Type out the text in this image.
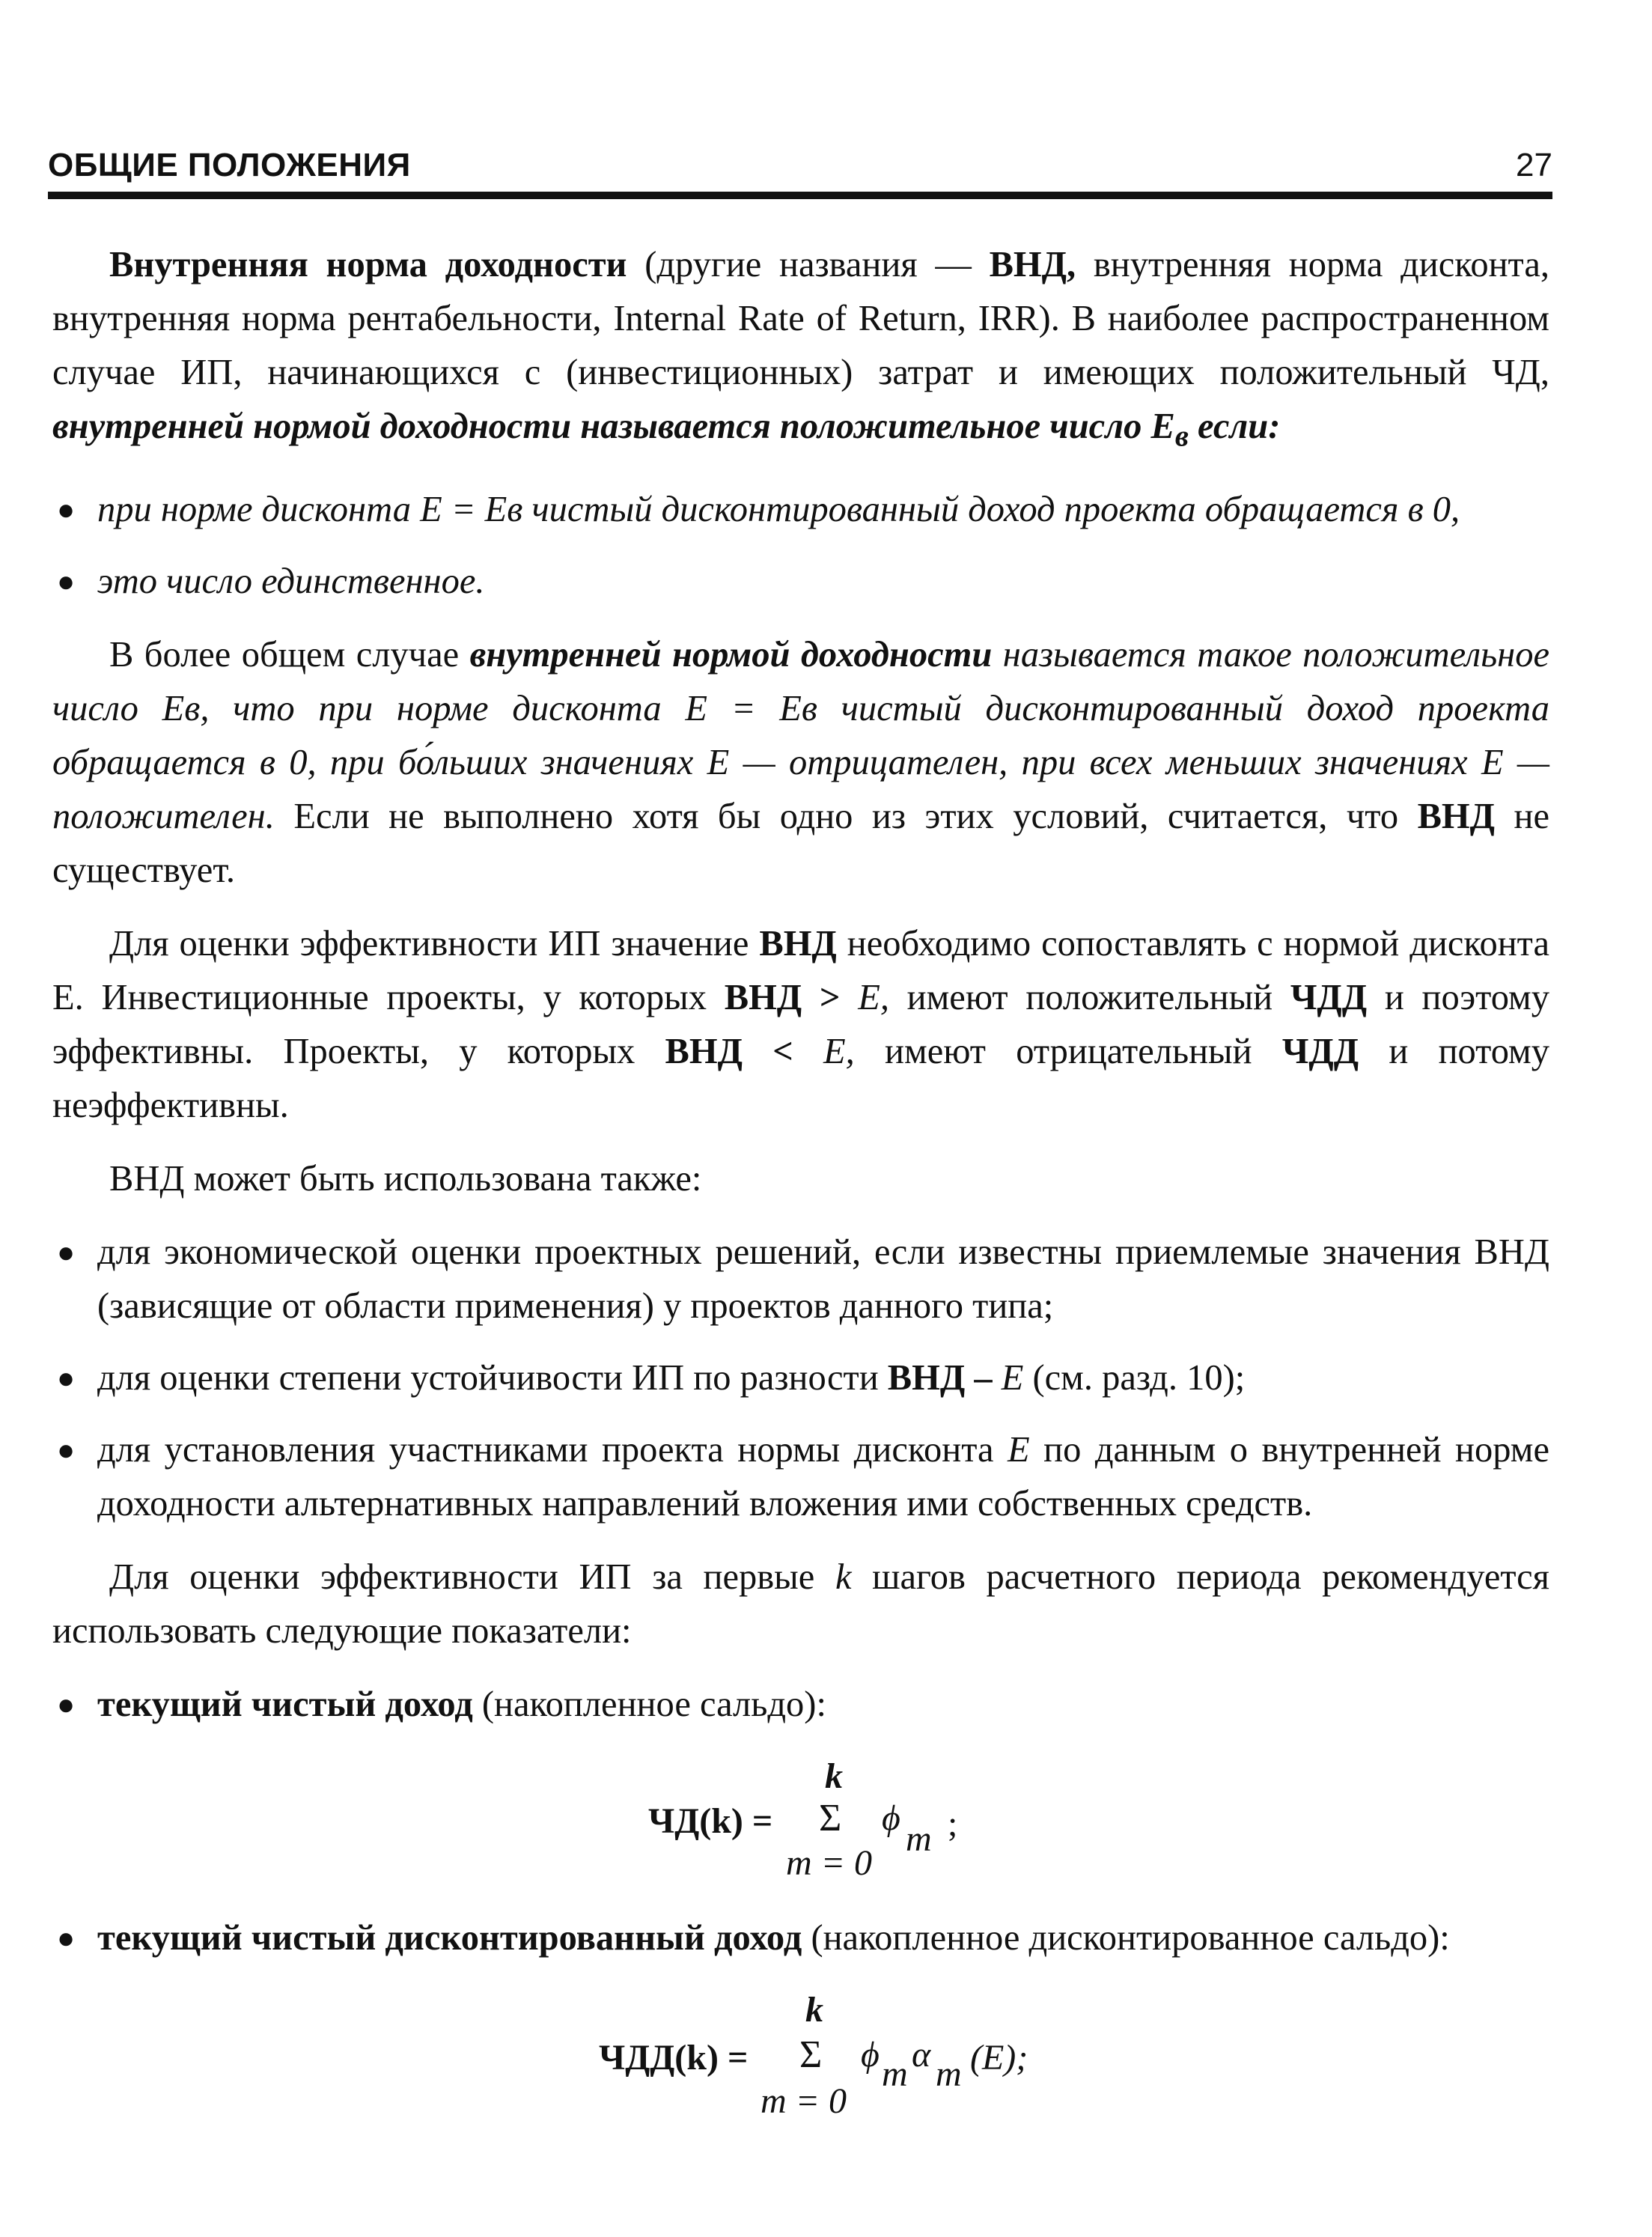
ОБЩИЕ ПОЛОЖЕНИЯ	27

Внутренняя норма доходности (другие названия — ВНД, внутренняя норма дисконта, внутренняя норма рентабельности, Internal Rate of Return, IRR). В наиболее распространенном случае ИП, начинающихся с (инвестиционных) затрат и имеющих положительный ЧД, внутренней нормой доходности называется положительное число $E_в$ если:

● при норме дисконта E = Eв чистый дисконтированный доход проекта обращается в 0,
● это число единственное.

В более общем случае внутренней нормой доходности называется такое положительное число Eв, что при норме дисконта E = Eв чистый дисконтированный доход проекта обращается в 0, при бо́льших значениях E — отрицателен, при всех меньших значениях E — положителен. Если не выполнено хотя бы одно из этих условий, считается, что ВНД не существует.

Для оценки эффективности ИП значение ВНД необходимо сопоставлять с нормой дисконта Е. Инвестиционные проекты, у которых ВНД > E, имеют положительный ЧДД и поэтому эффективны. Проекты, у которых ВНД < E, имеют отрицательный ЧДД и потому неэффективны.

ВНД может быть использована также:

● для экономической оценки проектных решений, если известны приемлемые значения ВНД (зависящие от области применения) у проектов данного типа;
● для оценки степени устойчивости ИП по разности ВНД – E (см. разд. 10);
● для установления участниками проекта нормы дисконта E по данным о внутренней норме доходности альтернативных направлений вложения ими собственных средств.

Для оценки эффективности ИП за первые k шагов расчетного периода рекомендуется использовать следующие показатели:

● текущий чистый доход (накопленное сальдо):
ЧД(k) =
k
Σ
m = 0
ϕ
m ;
● текущий чистый дисконтированный доход (накопленное дисконтированное сальдо):
ЧДД(k) =
k
Σ
m = 0
ϕ m α m (E);
